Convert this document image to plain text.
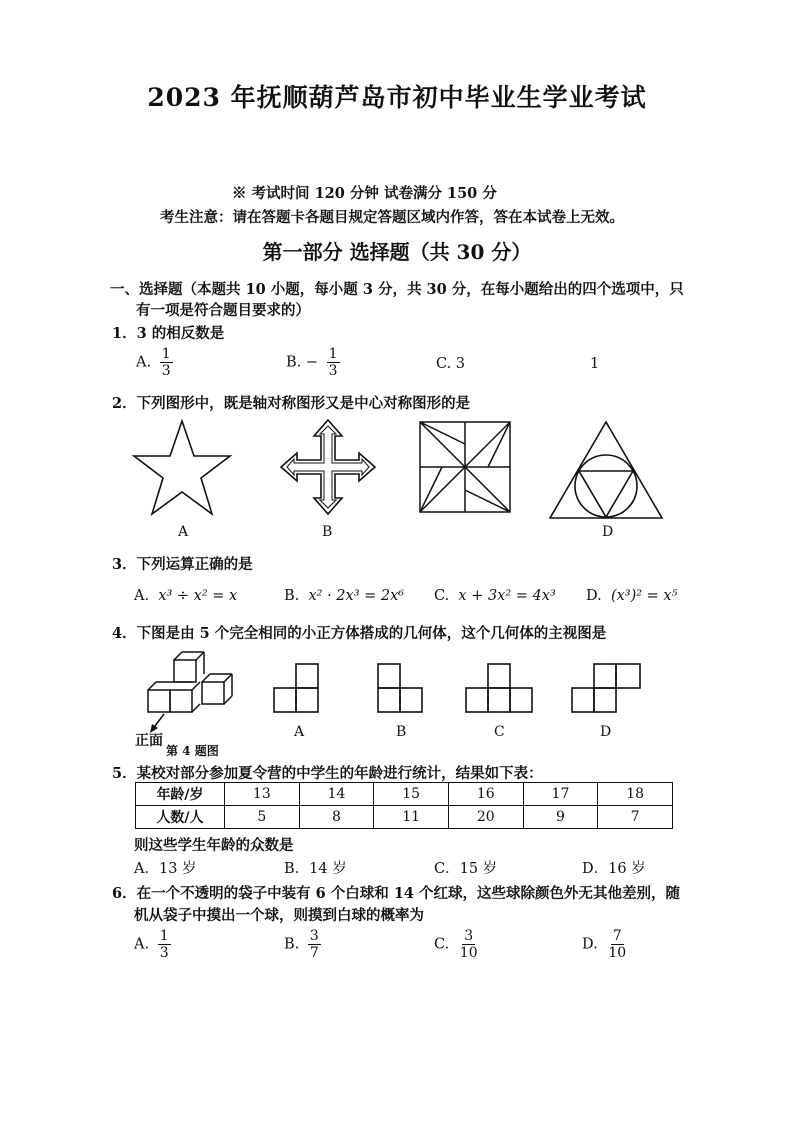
2023 年抚顺葫芦岛市初中毕业生学业考试
※ 考试时间 120 分钟 试卷满分 150 分
考生注意：请在答题卡各题目规定答题区域内作答，答在本试卷上无效。
第一部分 选择题（共 30 分）
一、选择题（本题共 10 小题，每小题 3 分，共 30 分，在每小题给出的四个选项中，只
有一项是符合题目要求的）
1．3 的相反数是
A. $\frac{1}{3}$	B. − $\frac{1}{3}$	C. 3	1
2．下列图形中，既是轴对称图形又是中心对称图形的是
A	B	D
3．下列运算正确的是
A. x³ ÷ x² = x	B. x² · 2x³ = 2x⁶ C. x + 3x² = 4x³ D. (x³)² = x⁵
4．下图是由 5 个完全相同的小正方体搭成的几何体，这个几何体的主视图是
正面
第 4 题图
A	B	C	D
5．某校对部分参加夏令营的中学生的年龄进行统计，结果如下表：
年龄/岁	13	14	15	16	17	18
人数/人	5	8	11	20	9	7
则这些学生年龄的众数是
A．13 岁	B．14 岁	C．15 岁	D．16 岁
6．在一个不透明的袋子中装有 6 个白球和 14 个红球，这些球除颜色外无其他差别，随
机从袋子中摸出一个球，则摸到白球的概率为
A. $\frac{1}{3}$	B. $\frac{3}{7}$	C. $\frac{3}{10}$	D. $\frac{7}{10}$
